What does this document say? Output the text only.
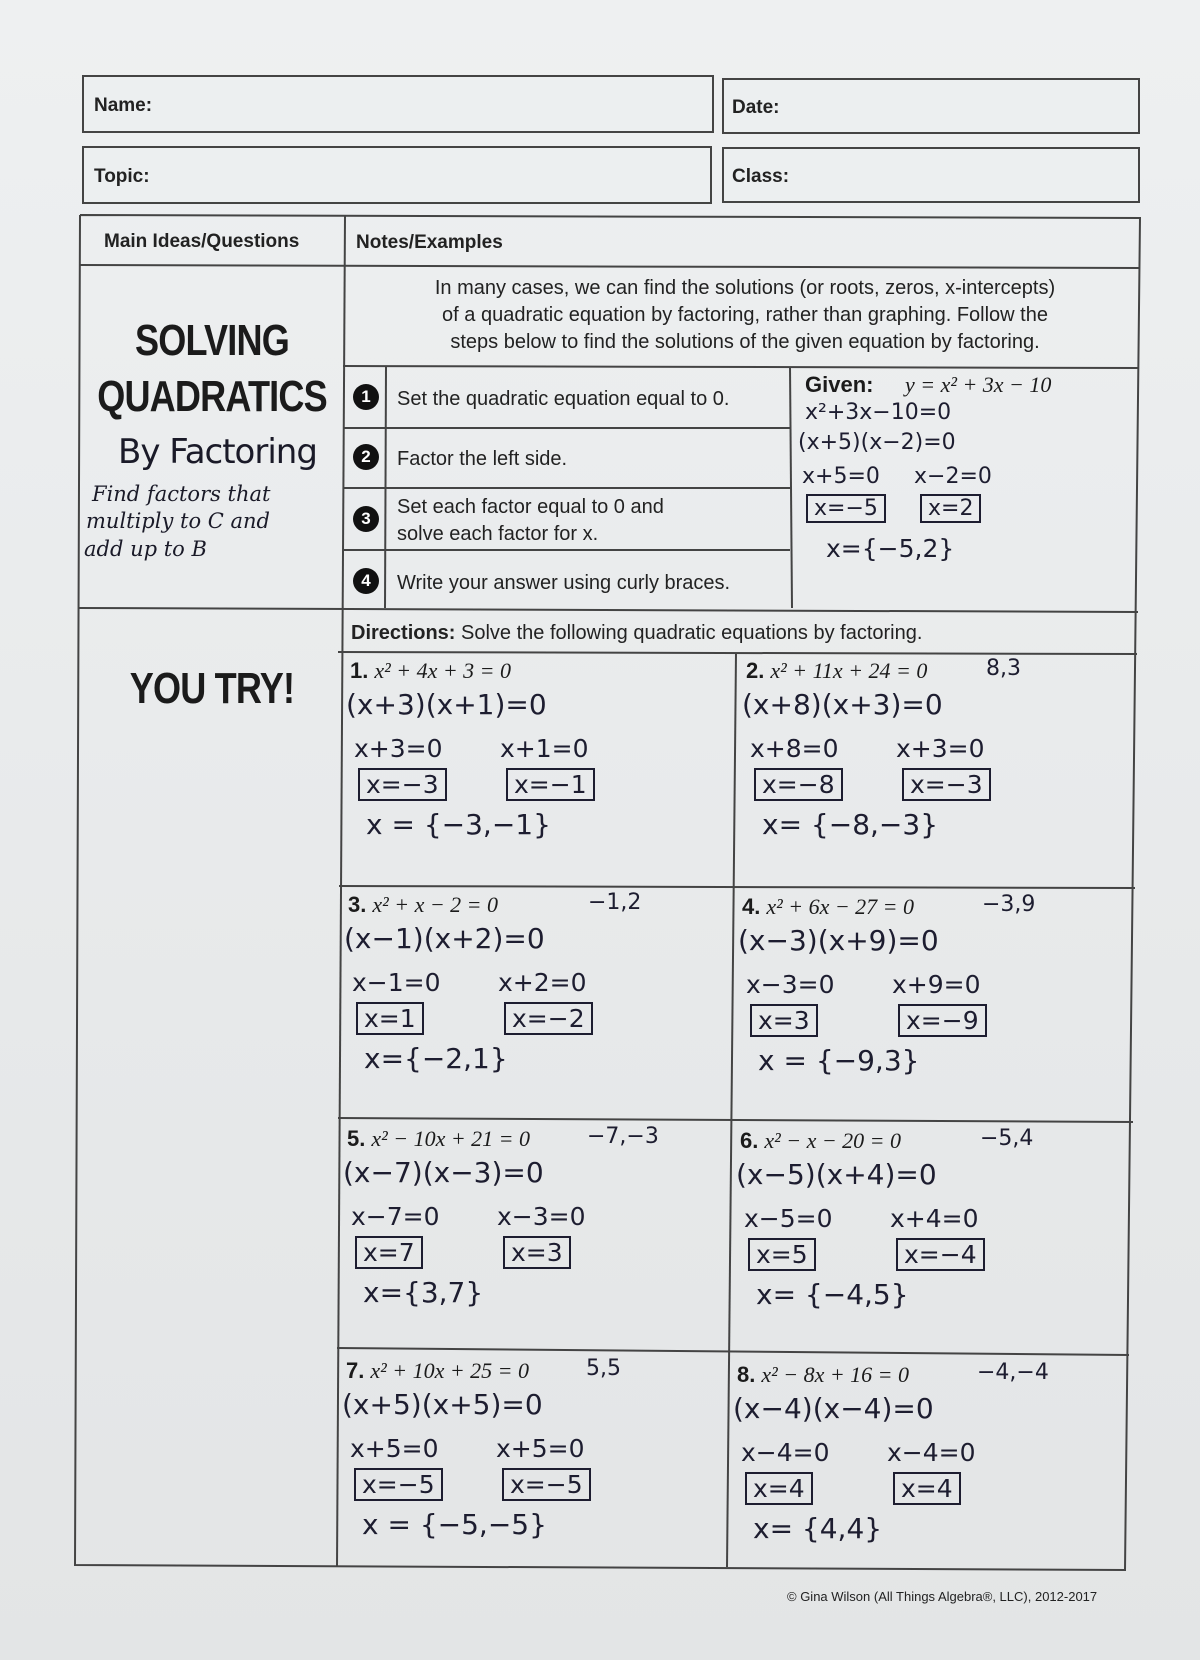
Name:	Date:
Topic:	Class:
Main Ideas/Questions	Notes/Examples
SOLVING
QUADRATICS
By Factoring
Find factors that
multiply to C and
add up to B
In many cases, we can find the solutions (or roots, zeros, x-intercepts)
of a quadratic equation by factoring, rather than graphing. Follow the
steps below to find the solutions of the given equation by factoring.
1	Set the quadratic equation equal to 0.
2	Factor the left side.
3
Set each factor equal to 0 and
solve each factor for x.
4	Write your answer using curly braces.
Given: y = x² + 3x − 10
x²+3x−10=0
(x+5)(x−2)=0
x+5=0 x−2=0
x=−5	x=2
x={−5,2}
YOU TRY!
Directions: Solve the following quadratic equations by factoring.
1. x² + 4x + 3 = 0
(x+3)(x+1)=0
x+3=0 x+1=0
x=−3	x=−1
x = {−3,−1}
2. x² + 11x + 24 = 0	8,3
(x+8)(x+3)=0
x+8=0 x+3=0
x=−8	x=−3
x= {−8,−3}
3. x² + x − 2 = 0	−1,2
(x−1)(x+2)=0
x−1=0 x+2=0
x=1	x=−2
x={−2,1}
4. x² + 6x − 27 = 0	−3,9
(x−3)(x+9)=0
x−3=0 x+9=0
x=3	x=−9
x = {−9,3}
5. x² − 10x + 21 = 0	−7,−3
(x−7)(x−3)=0
x−7=0 x−3=0
x=7	x=3
x={3,7}
6. x² − x − 20 = 0	−5,4
(x−5)(x+4)=0
x−5=0 x+4=0
x=5	x=−4
x= {−4,5}
7. x² + 10x + 25 = 0	5,5
(x+5)(x+5)=0
x+5=0 x+5=0
x=−5	x=−5
x = {−5,−5}
8. x² − 8x + 16 = 0	−4,−4
(x−4)(x−4)=0
x−4=0 x−4=0
x=4	x=4
x= {4,4}
© Gina Wilson (All Things Algebra®, LLC), 2012-2017
